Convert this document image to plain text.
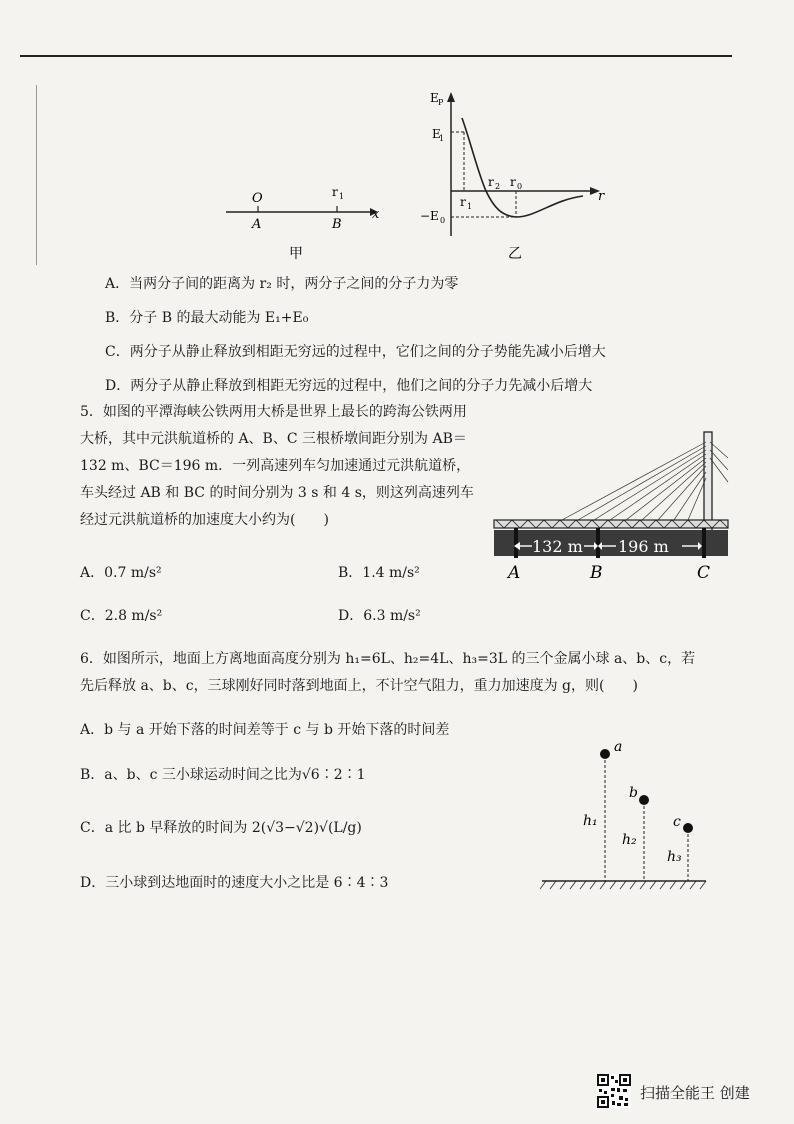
O	r 1
x
A	B
甲
E P
E
1
−E 0
r 1
r 2 r 0
r
乙
A．当两分子间的距离为 r₂ 时，两分子之间的分子力为零
B．分子 B 的最大动能为 E₁+E₀
C．两分子从静止释放到相距无穷远的过程中，它们之间的分子势能先减小后增大
D．两分子从静止释放到相距无穷远的过程中，他们之间的分子力先减小后增大
5．如图的平潭海峡公铁两用大桥是世界上最长的跨海公铁两用大桥，其中元洪航道桥的 A、B、C 三根桥墩间距分别为 AB＝132 m、BC＝196 m．一列高速列车匀加速通过元洪航道桥，车头经过 AB 和 BC 的时间分别为 3 s 和 4 s，则这列高速列车经过元洪航道桥的加速度大小约为(　　)
132 m 196 m
A	B	C
A．0.7 m/s²	B．1.4 m/s²
C．2.8 m/s²	D．6.3 m/s²
6．如图所示，地面上方离地面高度分别为 h₁=6L、h₂=4L、h₃=3L 的三个金属小球 a、b、c，若
先后释放 a、b、c，三球刚好同时落到地面上，不计空气阻力，重力加速度为 g，则(　　)
A．b 与 a 开始下落的时间差等于 c 与 b 开始下落的时间差
B．a、b、c 三小球运动时间之比为√6∶2∶1
C．a 比 b 早释放的时间为 2(√3−√2)√(L/g)
D．三小球到达地面时的速度大小之比是 6∶4∶3
a
b
c
h₁
h₂
h₃
扫描全能王 创建
